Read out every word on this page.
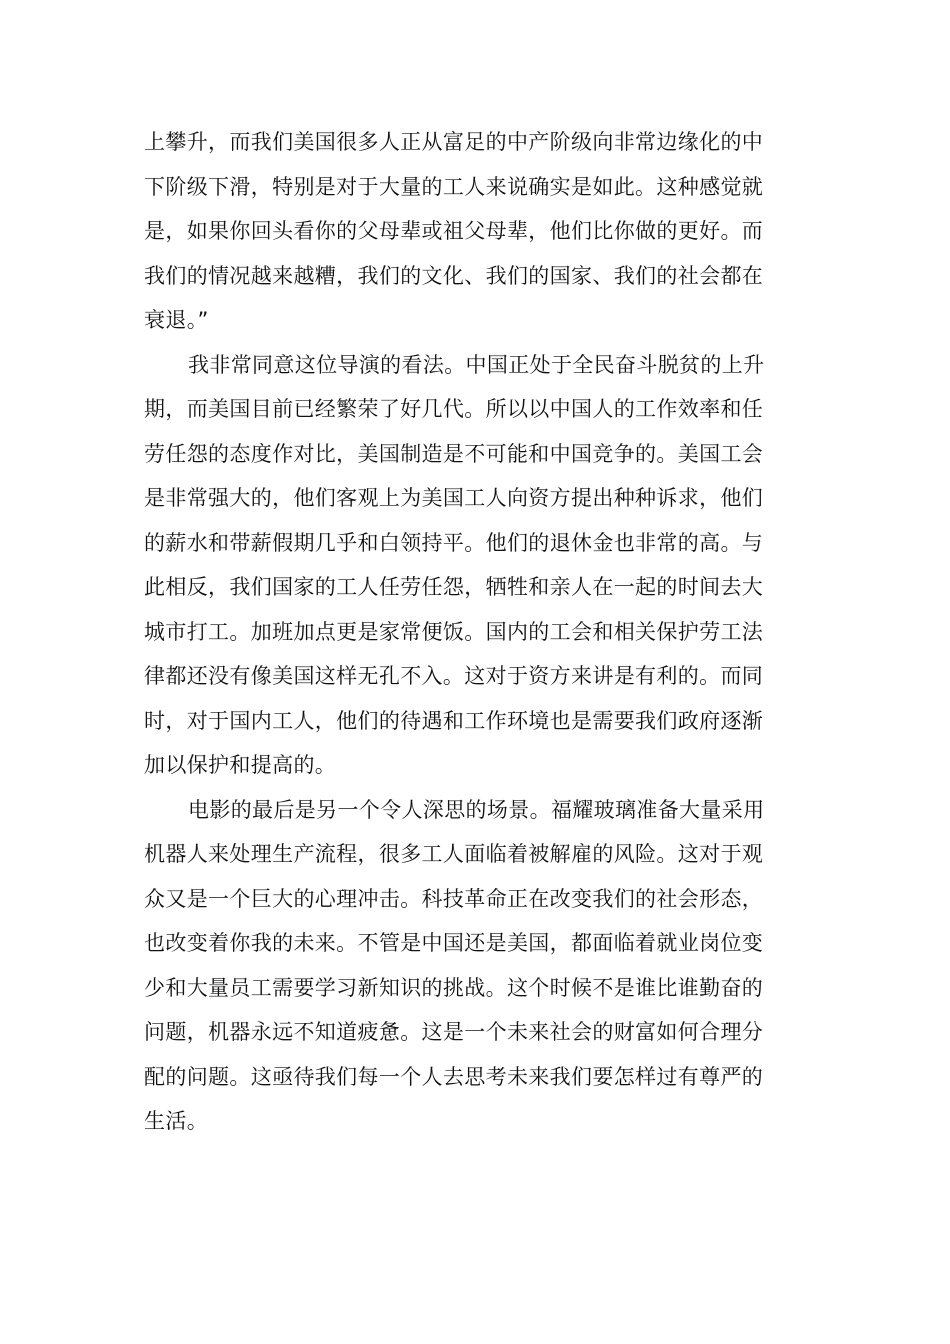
上攀升，而我们美国很多人正从富足的中产阶级向非常边缘化的中
下阶级下滑，特别是对于大量的工人来说确实是如此。这种感觉就
是，如果你回头看你的父母辈或祖父母辈，他们比你做的更好。而
我们的情况越来越糟，我们的文化、我们的国家、我们的社会都在
衰退。”
我非常同意这位导演的看法。中国正处于全民奋斗脱贫的上升
期，而美国目前已经繁荣了好几代。所以以中国人的工作效率和任
劳任怨的态度作对比，美国制造是不可能和中国竞争的。美国工会
是非常强大的，他们客观上为美国工人向资方提出种种诉求，他们
的薪水和带薪假期几乎和白领持平。他们的退休金也非常的高。与
此相反，我们国家的工人任劳任怨，牺牲和亲人在一起的时间去大
城市打工。加班加点更是家常便饭。国内的工会和相关保护劳工法
律都还没有像美国这样无孔不入。这对于资方来讲是有利的。而同
时，对于国内工人，他们的待遇和工作环境也是需要我们政府逐渐
加以保护和提高的。
电影的最后是另一个令人深思的场景。福耀玻璃准备大量采用
机器人来处理生产流程，很多工人面临着被解雇的风险。这对于观
众又是一个巨大的心理冲击。科技革命正在改变我们的社会形态，
也改变着你我的未来。不管是中国还是美国，都面临着就业岗位变
少和大量员工需要学习新知识的挑战。这个时候不是谁比谁勤奋的
问题，机器永远不知道疲惫。这是一个未来社会的财富如何合理分
配的问题。这亟待我们每一个人去思考未来我们要怎样过有尊严的
生活。
